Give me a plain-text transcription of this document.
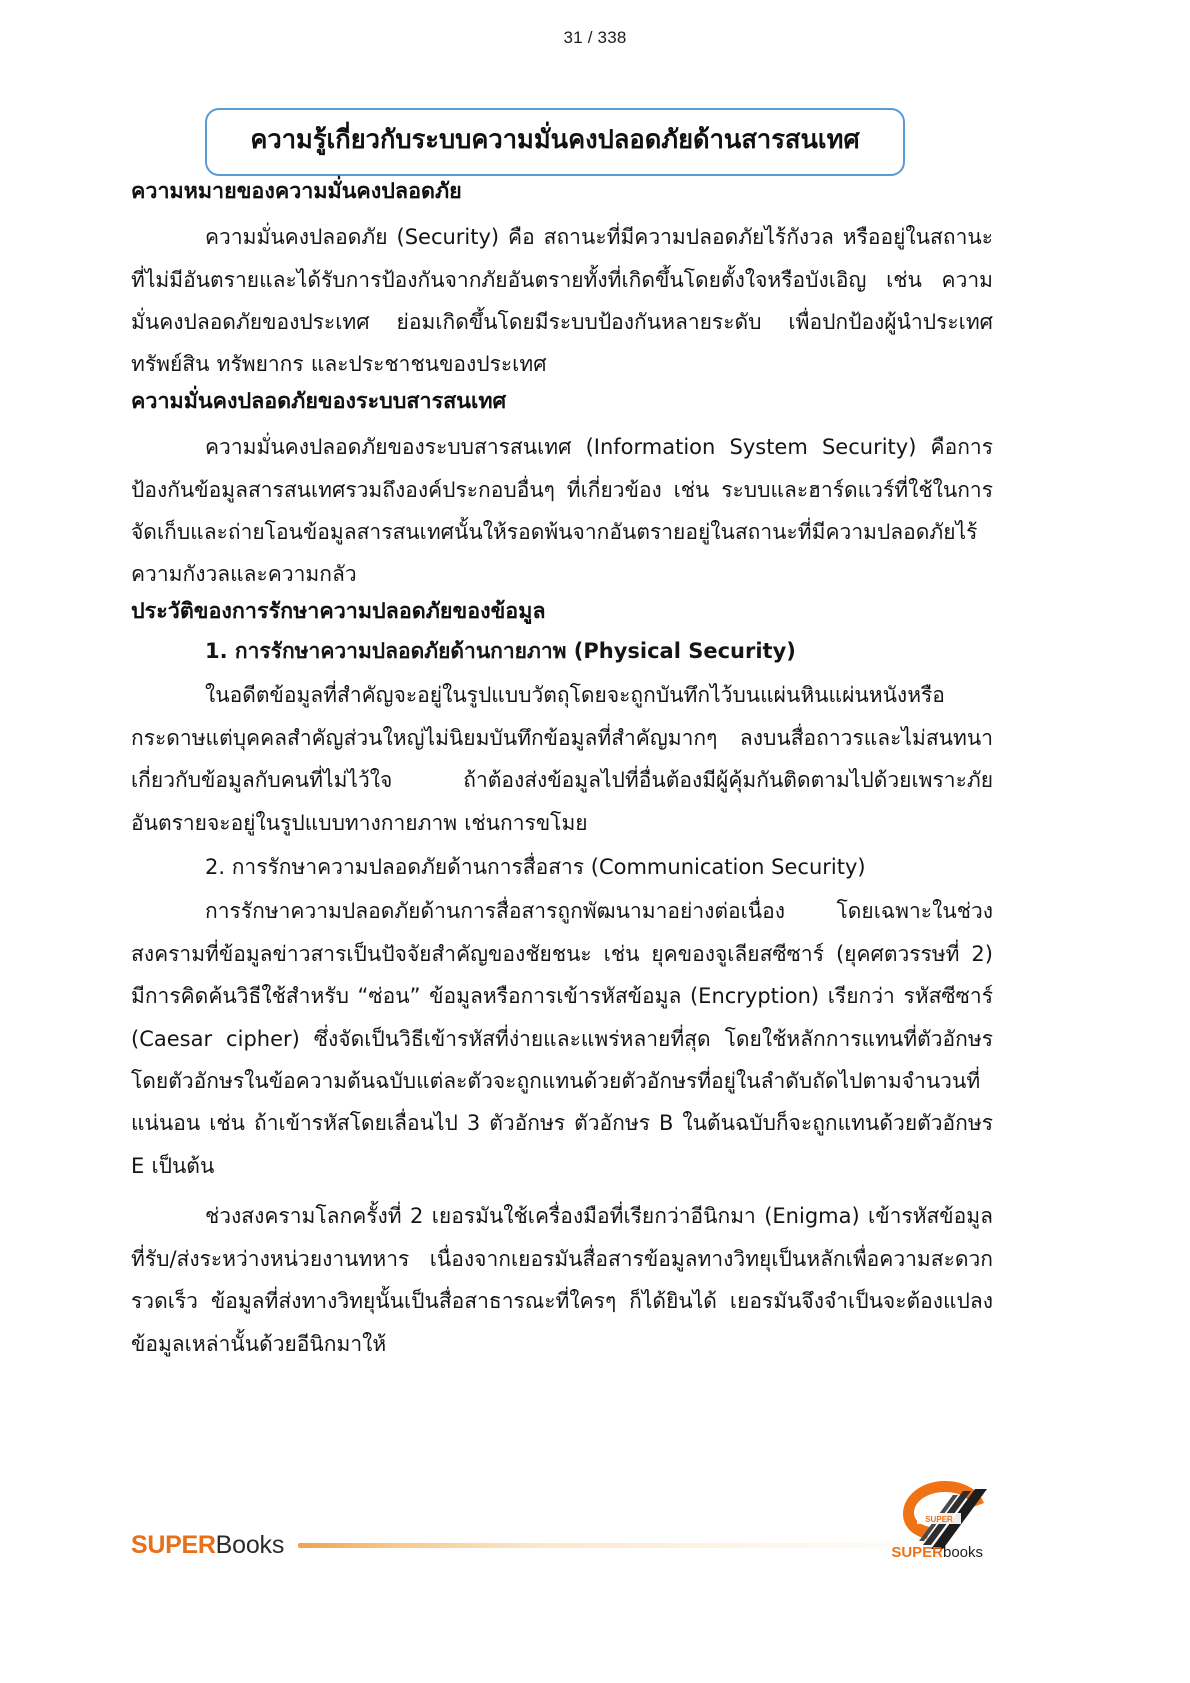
31 / 338
ความรู้เกี่ยวกับระบบความมั่นคงปลอดภัยด้านสารสนเทศ
ความหมายของความมั่นคงปลอดภัย

ความมั่นคงปลอดภัย (Security) คือ สถานะที่มีความปลอดภัยไร้กังวล หรืออยู่ในสถานะที่ไม่มีอันตรายและได้รับการป้องกันจากภัยอันตรายทั้งที่เกิดขึ้นโดยตั้งใจหรือบังเอิญ เช่น ความมั่นคงปลอดภัยของประเทศ ย่อมเกิดขึ้นโดยมีระบบป้องกันหลายระดับ เพื่อปกป้องผู้นำประเทศ ทรัพย์สิน ทรัพยากร และประชาชนของประเทศ

ความมั่นคงปลอดภัยของระบบสารสนเทศ

ความมั่นคงปลอดภัยของระบบสารสนเทศ (Information System Security) คือการป้องกันข้อมูลสารสนเทศรวมถึงองค์ประกอบอื่นๆ ที่เกี่ยวข้อง เช่น ระบบและฮาร์ดแวร์ที่ใช้ในการจัดเก็บและถ่ายโอนข้อมูลสารสนเทศนั้นให้รอดพ้นจากอันตรายอยู่ในสถานะที่มีความปลอดภัยไร้ความกังวลและความกลัว

ประวัติของการรักษาความปลอดภัยของข้อมูล
1. การรักษาความปลอดภัยด้านกายภาพ (Physical Security)

ในอดีตข้อมูลที่สำคัญจะอยู่ในรูปแบบวัตถุโดยจะถูกบันทึกไว้บนแผ่นหินแผ่นหนังหรือกระดาษแต่บุคคลสำคัญส่วนใหญ่ไม่นิยมบันทึกข้อมูลที่สำคัญมากๆ ลงบนสื่อถาวรและไม่สนทนาเกี่ยวกับข้อมูลกับคนที่ไม่ไว้ใจ ถ้าต้องส่งข้อมูลไปที่อื่นต้องมีผู้คุ้มกันติดตามไปด้วยเพราะภัยอันตรายจะอยู่ในรูปแบบทางกายภาพ เช่นการขโมย

2. การรักษาความปลอดภัยด้านการสื่อสาร (Communication Security)

การรักษาความปลอดภัยด้านการสื่อสารถูกพัฒนามาอย่างต่อเนื่อง โดยเฉพาะในช่วงสงครามที่ข้อมูลข่าวสารเป็นปัจจัยสำคัญของชัยชนะ เช่น ยุคของจูเลียสซีซาร์ (ยุคศตวรรษที่ 2) มีการคิดค้นวิธีใช้สำหรับ “ซ่อน” ข้อมูลหรือการเข้ารหัสข้อมูล (Encryption) เรียกว่า รหัสซีซาร์ (Caesar cipher) ซึ่งจัดเป็นวิธีเข้ารหัสที่ง่ายและแพร่หลายที่สุด โดยใช้หลักการแทนที่ตัวอักษร โดยตัวอักษรในข้อความต้นฉบับแต่ละตัวจะถูกแทนด้วยตัวอักษรที่อยู่ในลำดับถัดไปตามจำนวนที่แน่นอน เช่น ถ้าเข้ารหัสโดยเลื่อนไป 3 ตัวอักษร ตัวอักษร B ในต้นฉบับก็จะถูกแทนด้วยตัวอักษร E เป็นต้น

ช่วงสงครามโลกครั้งที่ 2 เยอรมันใช้เครื่องมือที่เรียกว่าอีนิกมา (Enigma) เข้ารหัสข้อมูลที่รับ/ส่งระหว่างหน่วยงานทหาร เนื่องจากเยอรมันสื่อสารข้อมูลทางวิทยุเป็นหลักเพื่อความสะดวกรวดเร็ว ข้อมูลที่ส่งทางวิทยุนั้นเป็นสื่อสาธารณะที่ใครๆ ก็ได้ยินได้ เยอรมันจึงจำเป็นจะต้องแปลงข้อมูลเหล่านั้นด้วยอีนิกมาให้

SUPER Books
SUPER
SUPER books
